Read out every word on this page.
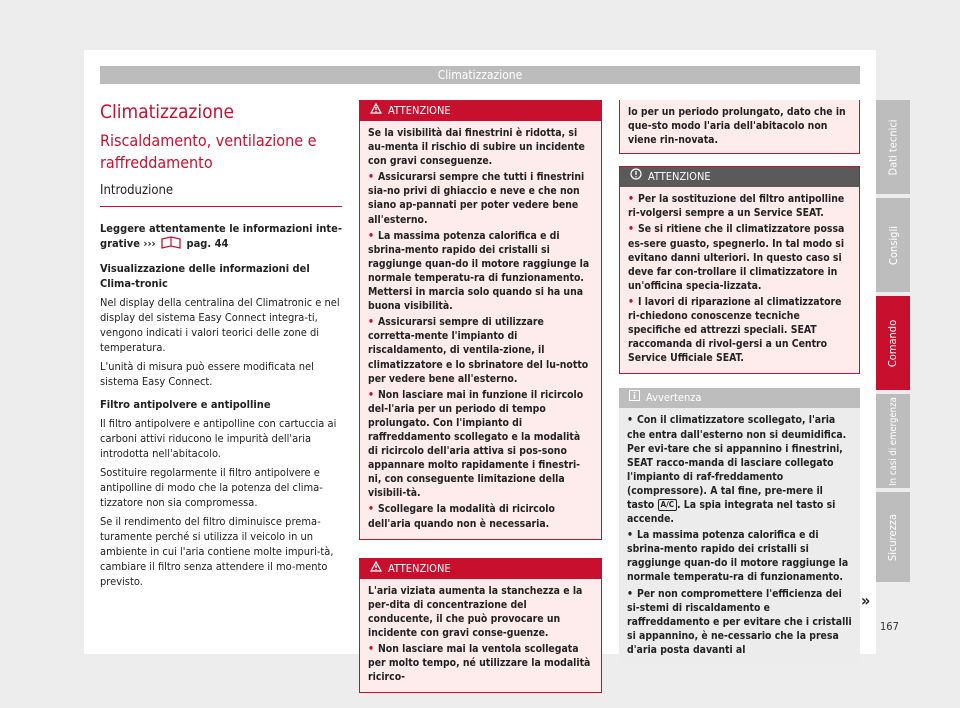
Climatizzazione
Climatizzazione
Riscaldamento, ventilazione e raffreddamento
Introduzione

Leggere attentamente le informazioni inte-grative ›››	pag. 44

Visualizzazione delle informazioni del Clima-tronic

Nel display della centralina del Climatronic e nel display del sistema Easy Connect integra-ti, vengono indicati i valori teorici delle zone di temperatura.

L'unità di misura può essere modificata nel sistema Easy Connect.

Filtro antipolvere e antipolline

Il filtro antipolvere e antipolline con cartuccia ai carboni attivi riducono le impurità dell'aria introdotta nell'abitacolo.

Sostituire regolarmente il filtro antipolvere e antipolline di modo che la potenza del clima-tizzatore non sia compromessa.

Se il rendimento del filtro diminuisce prema-turamente perché si utilizza il veicolo in un ambiente in cui l'aria contiene molte impuri-tà, cambiare il filtro senza attendere il mo-mento previsto.

ATTENZIONE

Se la visibilità dai finestrini è ridotta, si au-menta il rischio di subire un incidente con gravi conseguenze.

• Assicurarsi sempre che tutti i finestrini sia-no privi di ghiaccio e neve e che non siano ap-pannati per poter vedere bene all'esterno.

• La massima potenza calorifica e di sbrina-mento rapido dei cristalli si raggiunge quan-do il motore raggiunge la normale temperatu-ra di funzionamento. Mettersi in marcia solo quando si ha una buona visibilità.

• Assicurarsi sempre di utilizzare corretta-mente l'impianto di riscaldamento, di ventila-zione, il climatizzatore e lo sbrinatore del lu-notto per vedere bene all'esterno.

• Non lasciare mai in funzione il ricircolo del-l'aria per un periodo di tempo prolungato. Con l'impianto di raffreddamento scollegato e la modalità di ricircolo dell'aria attiva si pos-sono appannare molto rapidamente i finestri-ni, con conseguente limitazione della visibili-tà.

• Scollegare la modalità di ricircolo dell'aria quando non è necessaria.

ATTENZIONE

L'aria viziata aumenta la stanchezza e la per-dita di concentrazione del conducente, il che può provocare un incidente con gravi conse-guenze.

• Non lasciare mai la ventola scollegata per molto tempo, né utilizzare la modalità ricirco-

lo per un periodo prolungato, dato che in que-sto modo l'aria dell'abitacolo non viene rin-novata.
ATTENZIONE

• Per la sostituzione del filtro antipolline ri-volgersi sempre a un Service SEAT.

• Se si ritiene che il climatizzatore possa es-sere guasto, spegnerlo. In tal modo si evitano danni ulteriori. In questo caso si deve far con-trollare il climatizzatore in un'officina specia-lizzata.

• I lavori di riparazione al climatizzatore ri-chiedono conoscenze tecniche specifiche ed attrezzi speciali. SEAT raccomanda di rivol-gersi a un Centro Service Ufficiale SEAT.

Avvertenza

• Con il climatizzatore scollegato, l'aria che entra dall'esterno non si deumidifica. Per evi-tare che si appannino i finestrini, SEAT racco-manda di lasciare collegato l'impianto di raf-freddamento (compressore). A tal fine, pre-mere il tasto A/C . La spia integrata nel tasto si accende.

• La massima potenza calorifica e di sbrina-mento rapido dei cristalli si raggiunge quan-do il motore raggiunge la normale temperatu-ra di funzionamento.

• Per non compromettere l'efficienza dei si-stemi di riscaldamento e raffreddamento e per evitare che i cristalli si appannino, è ne-cessario che la presa d'aria posta davanti al

»
Dati tecnici
Consigli
Comando
In casi di emergenza
Sicurezza
167
